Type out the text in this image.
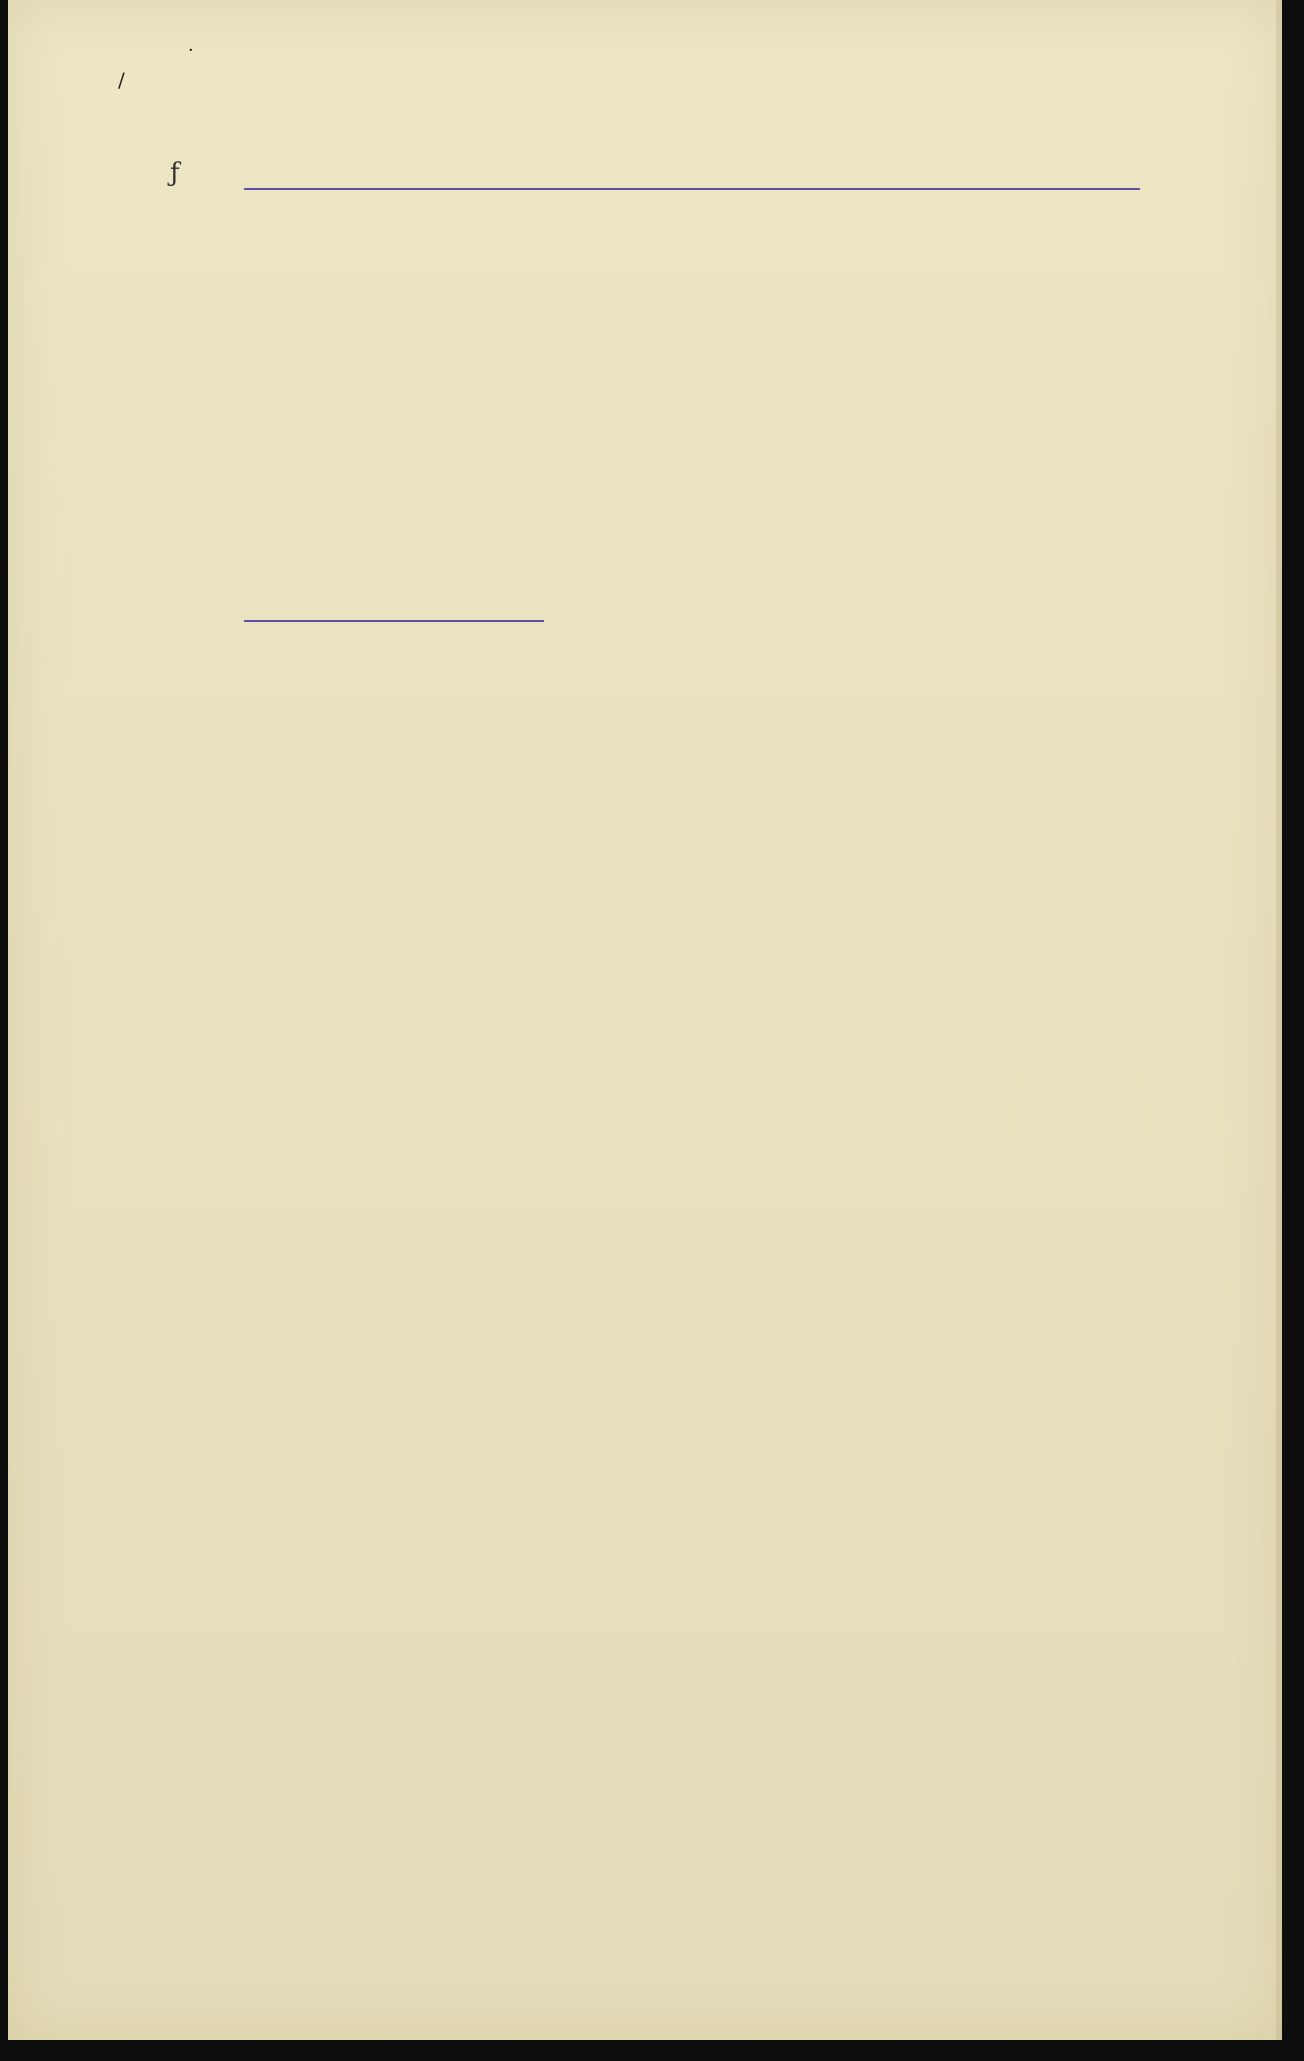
/
·
ƒ
